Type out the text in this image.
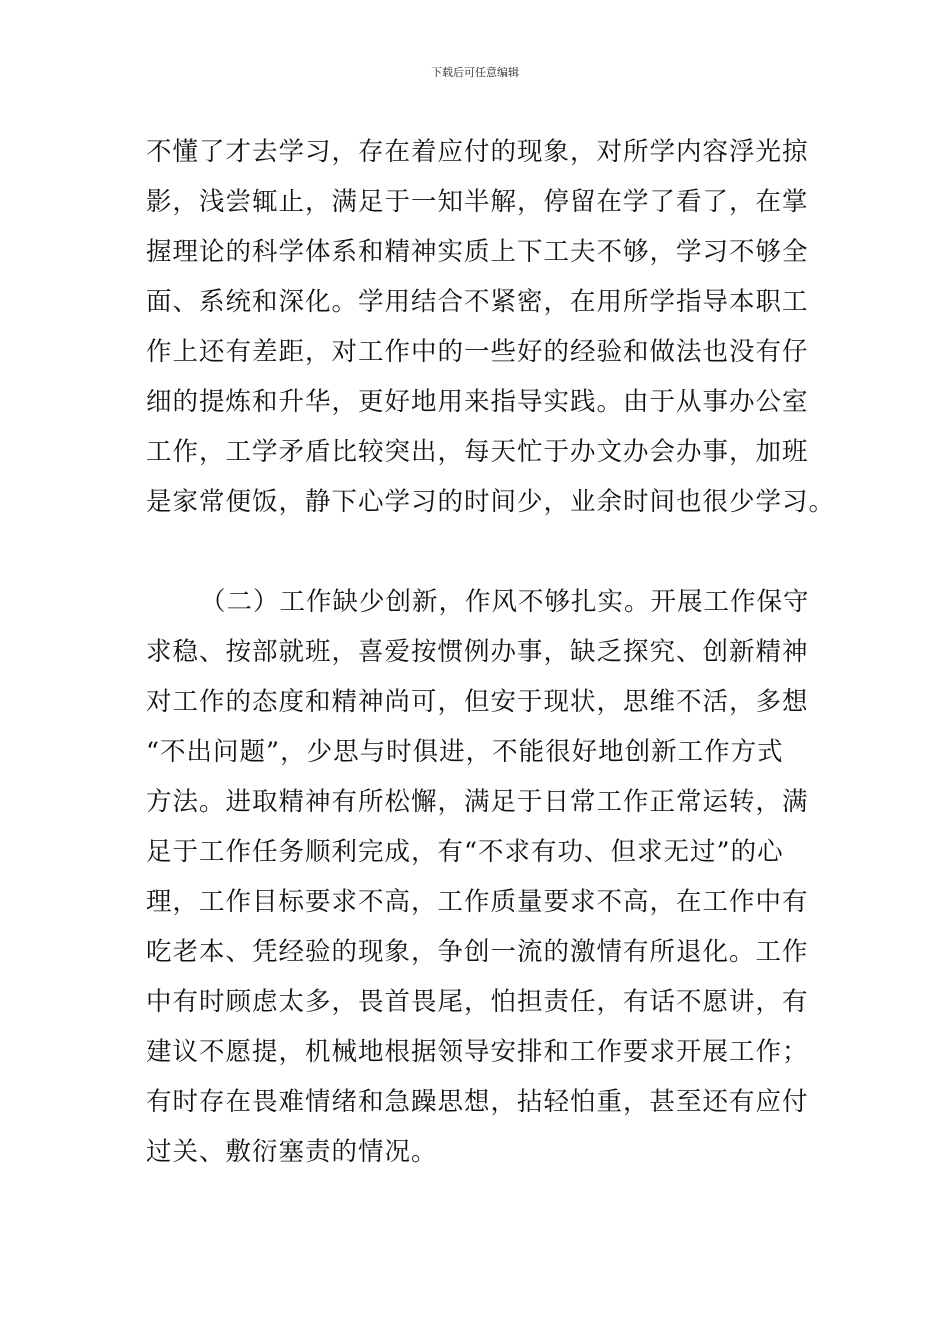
下载后可任意编辑
不懂了才去学习，存在着应付的现象，对所学内容浮光掠
影，浅尝辄止，满足于一知半解，停留在学了看了，在掌
握理论的科学体系和精神实质上下工夫不够，学习不够全
面、系统和深化。学用结合不紧密，在用所学指导本职工
作上还有差距，对工作中的一些好的经验和做法也没有仔
细的提炼和升华，更好地用来指导实践。由于从事办公室
工作，工学矛盾比较突出，每天忙于办文办会办事，加班
是家常便饭，静下心学习的时间少，业余时间也很少学习。
（二）工作缺少创新，作风不够扎实。开展工作保守
求稳、按部就班，喜爱按惯例办事，缺乏探究、创新精神
对工作的态度和精神尚可，但安于现状，思维不活，多想
“不出问题”，少思与时俱进，不能很好地创新工作方式
方法。进取精神有所松懈，满足于日常工作正常运转，满
足于工作任务顺利完成，有“不求有功、但求无过”的心
理，工作目标要求不高，工作质量要求不高，在工作中有
吃老本、凭经验的现象，争创一流的激情有所退化。工作
中有时顾虑太多，畏首畏尾，怕担责任，有话不愿讲，有
建议不愿提，机械地根据领导安排和工作要求开展工作；
有时存在畏难情绪和急躁思想，拈轻怕重，甚至还有应付
过关、敷衍塞责的情况。
